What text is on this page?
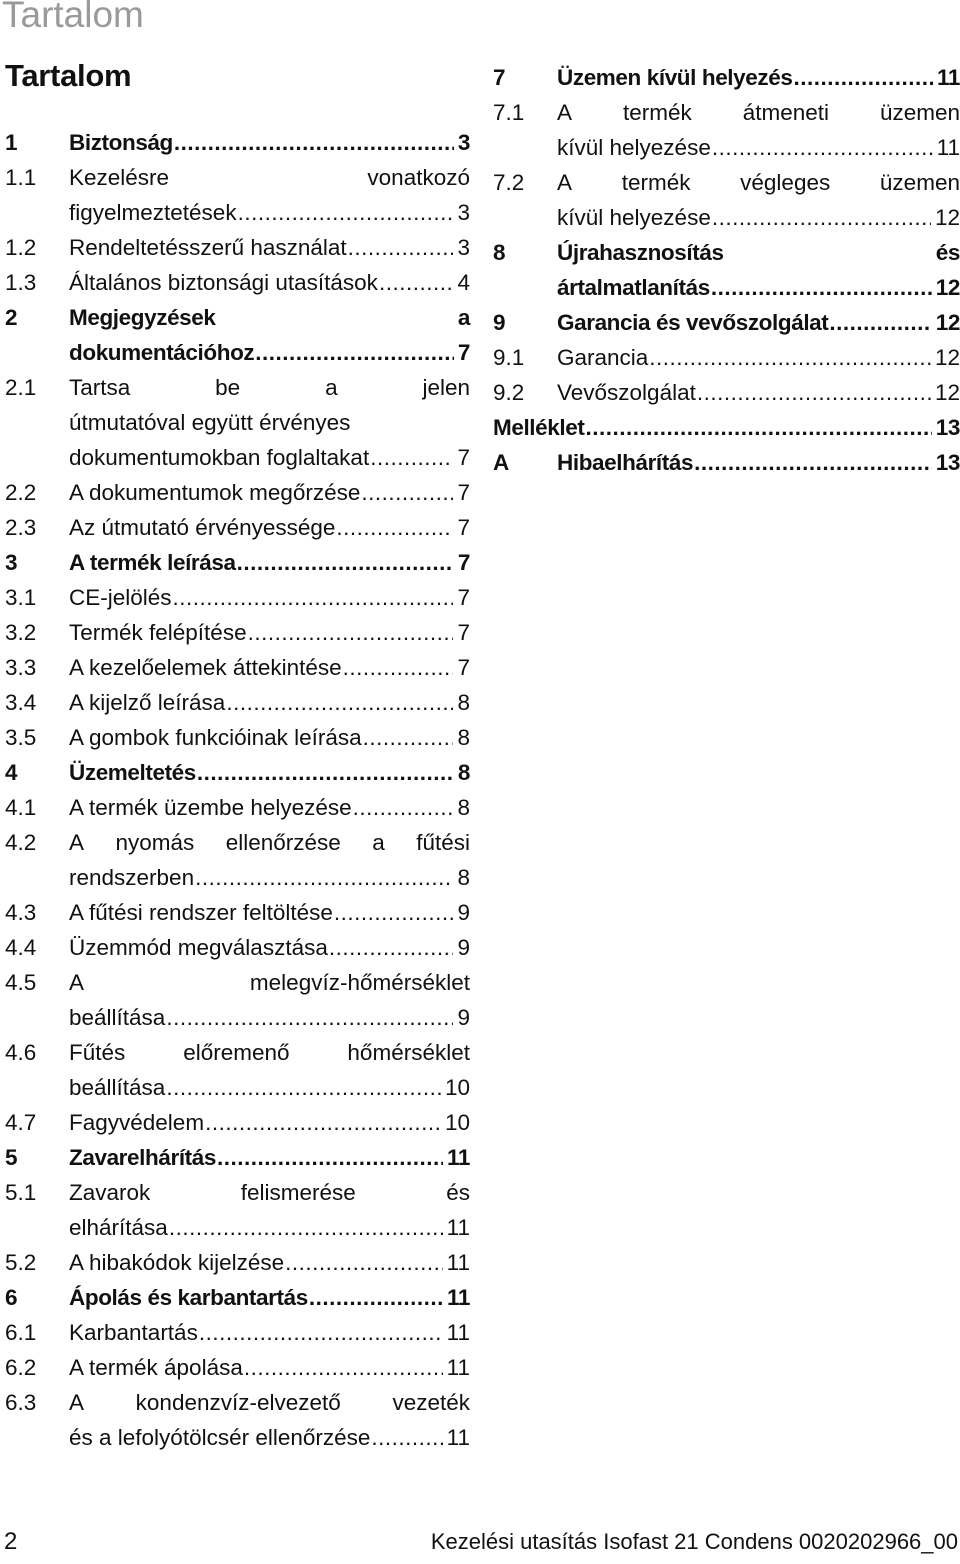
Tartalom
Tartalom
1 Biztonság .....	3
1.1 Kezelésre	vonatkozó
figyelmeztetések .....	3
1.2 Rendeltetésszerű használat .....	3
1.3 Általános biztonsági utasítások .....	4
2 Megjegyzések	a
dokumentációhoz .....	7
2.1 Tartsa	be	a	jelen
útmutatóval együtt érvényes
dokumentumokban foglaltakat .....	7
2.2 A dokumentumok megőrzése .....	7
2.3 Az útmutató érvényessége .....	7
3 A termék leírása .....	7
3.1 CE-jelölés .....	7
3.2 Termék felépítése .....	7
3.3 A kezelőelemek áttekintése .....	7
3.4 A kijelző leírása .....	8
3.5 A gombok funkcióinak leírása .....	8
4 Üzemeltetés .....	8
4.1 A termék üzembe helyezése .....	8
4.2 A nyomás ellenőrzése a fűtési
rendszerben .....	8
4.3 A fűtési rendszer feltöltése .....	9
4.4 Üzemmód megválasztása .....	9
4.5 A	melegvíz-hőmérséklet
beállítása .....	9
4.6 Fűtés	előremenő	hőmérséklet
beállítása .....	10
4.7 Fagyvédelem .....	10
5 Zavarelhárítás .....	11
5.1 Zavarok	felismerése	és
elhárítása .....	11
5.2 A hibakódok kijelzése .....	11
6 Ápolás és karbantartás .....	11
6.1 Karbantartás .....	11
6.2 A termék ápolása .....	11
6.3 A kondenzvíz-elvezető vezeték
és a lefolyótölcsér ellenőrzése .....	11
7 Üzemen kívül helyezés .....	11
7.1 A termék átmeneti üzemen
kívül helyezése .....	11
7.2 A termék végleges üzemen
kívül helyezése .....	12
8 Újrahasznosítás	és
ártalmatlanítás .....	12
9 Garancia és vevőszolgálat .....	12
9.1 Garancia .....	12
9.2 Vevőszolgálat .....	12
Melléklet .....	13
A Hibaelhárítás .....	13
2	Kezelési utasítás Isofast 21 Condens 0020202966_00
